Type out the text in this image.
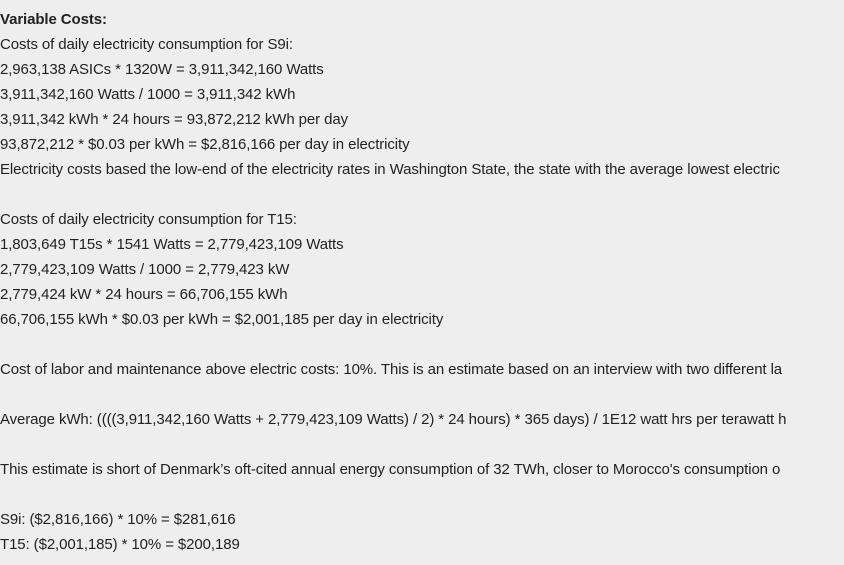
Variable Costs:
Costs of daily electricity consumption for S9i:
2,963,138 ASICs * 1320W = 3,911,342,160 Watts
3,911,342,160 Watts / 1000 = 3,911,342 kWh
3,911,342 kWh * 24 hours = 93,872,212 kWh per day
93,872,212 * $0.03 per kWh = $2,816,166 per day in electricity
Electricity costs based the low-end of the electricity rates in Washington State, the state with the average lowest electric
Costs of daily electricity consumption for T15:
1,803,649 T15s * 1541 Watts = 2,779,423,109 Watts
2,779,423,109 Watts / 1000 = 2,779,423 kW
2,779,424 kW * 24 hours = 66,706,155 kWh
66,706,155 kWh * $0.03 per kWh = $2,001,185 per day in electricity
Cost of labor and maintenance above electric costs: 10%. This is an estimate based on an interview with two different la
Average kWh: ((((3,911,342,160 Watts + 2,779,423,109 Watts) / 2) * 24 hours) * 365 days) / 1E12 watt hrs per terawatt h
This estimate is short of Denmark’s oft-cited annual energy consumption of 32 TWh, closer to Morocco's consumption o
S9i: ($2,816,166) * 10% = $281,616
T15: ($2,001,185) * 10% = $200,189
